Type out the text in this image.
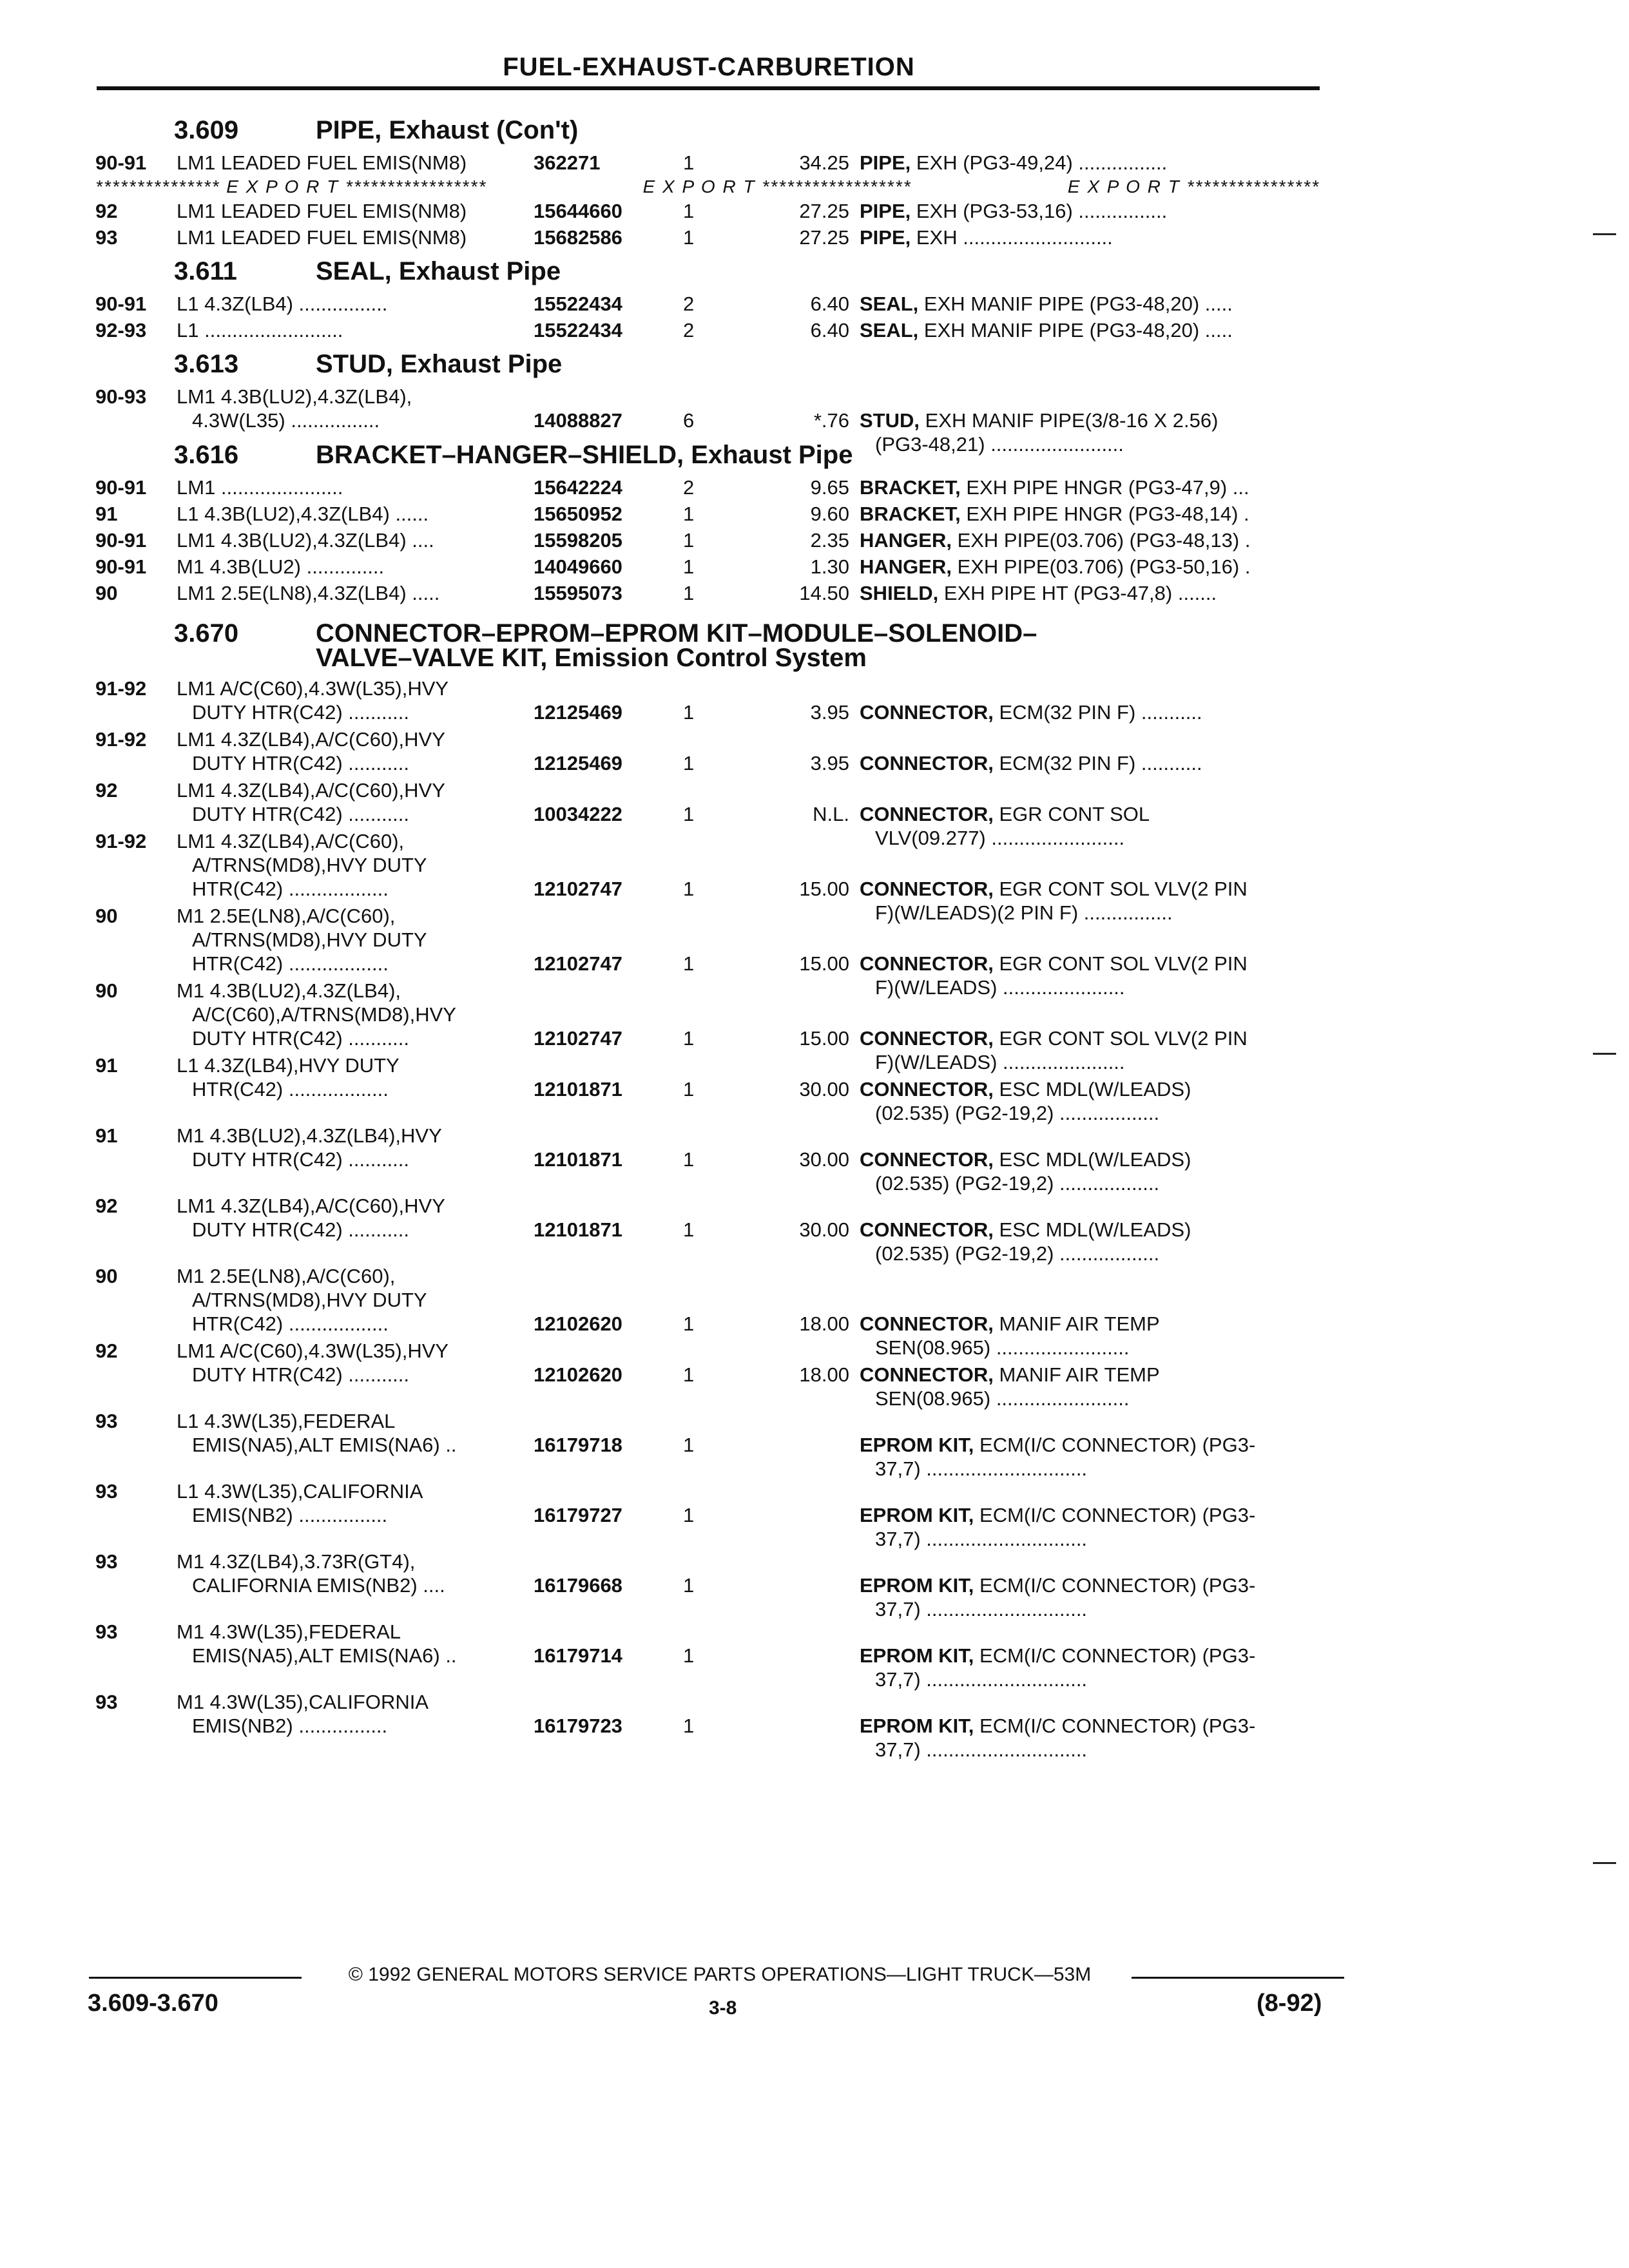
FUEL-EXHAUST-CARBURETION
3.609	PIPE, Exhaust (Con't)
90-91	LM1 LEADED FUEL EMIS(NM8)	362271	1	34.25 PIPE, EXH (PG3-49,24) ................
*************** E X P O R T *****************	E X P O R T ******************	E X P O R T ****************
92	LM1 LEADED FUEL EMIS(NM8)	15644660	1	27.25 PIPE, EXH (PG3-53,16) ................
93	LM1 LEADED FUEL EMIS(NM8)	15682586	1	27.25 PIPE, EXH ...........................
3.611	SEAL, Exhaust Pipe
90-91	L1 4.3Z(LB4) ................	15522434	2	6.40 SEAL, EXH MANIF PIPE (PG3-48,20) .....
92-93	L1 .........................	15522434	2	6.40 SEAL, EXH MANIF PIPE (PG3-48,20) .....
3.613	STUD, Exhaust Pipe
90-93	LM1 4.3B(LU2),4.3Z(LB4),
4.3W(L35) ................	14088827	6	*.76 STUD, EXH MANIF PIPE(3/8-16 X 2.56)
(PG3-48,21) ........................
3.616	BRACKET–HANGER–SHIELD, Exhaust Pipe
90-91	LM1 ......................	15642224	2	9.65 BRACKET, EXH PIPE HNGR (PG3-47,9) ...
91	L1 4.3B(LU2),4.3Z(LB4) ......	15650952	1	9.60 BRACKET, EXH PIPE HNGR (PG3-48,14) .
90-91	LM1 4.3B(LU2),4.3Z(LB4) ....	15598205	1	2.35 HANGER, EXH PIPE(03.706) (PG3-48,13) .
90-91	M1 4.3B(LU2) ..............	14049660	1	1.30 HANGER, EXH PIPE(03.706) (PG3-50,16) .
90	LM1 2.5E(LN8),4.3Z(LB4) .....	15595073	1	14.50 SHIELD, EXH PIPE HT (PG3-47,8) .......
3.670	CONNECTOR–EPROM–EPROM KIT–MODULE–SOLENOID–
VALVE–VALVE KIT, Emission Control System
91-92	LM1 A/C(C60),4.3W(L35),HVY
DUTY HTR(C42) ...........	12125469	1	3.95 CONNECTOR, ECM(32 PIN F) ...........
91-92	LM1 4.3Z(LB4),A/C(C60),HVY
DUTY HTR(C42) ...........	12125469	1	3.95 CONNECTOR, ECM(32 PIN F) ...........
92	LM1 4.3Z(LB4),A/C(C60),HVY
DUTY HTR(C42) ...........	10034222	1	N.L. CONNECTOR, EGR CONT SOL
VLV(09.277) ........................
91-92	LM1 4.3Z(LB4),A/C(C60),
A/TRNS(MD8),HVY DUTY
HTR(C42) ..................	12102747	1	15.00 CONNECTOR, EGR CONT SOL VLV(2 PIN
F)(W/LEADS)(2 PIN F) ................
90	M1 2.5E(LN8),A/C(C60),
A/TRNS(MD8),HVY DUTY
HTR(C42) ..................	12102747	1	15.00 CONNECTOR, EGR CONT SOL VLV(2 PIN
F)(W/LEADS) ......................
90	M1 4.3B(LU2),4.3Z(LB4),
A/C(C60),A/TRNS(MD8),HVY
DUTY HTR(C42) ...........	12102747	1	15.00 CONNECTOR, EGR CONT SOL VLV(2 PIN
F)(W/LEADS) ......................
91	L1 4.3Z(LB4),HVY DUTY
HTR(C42) ..................	12101871	1	30.00 CONNECTOR, ESC MDL(W/LEADS)
(02.535) (PG2-19,2) ..................
91	M1 4.3B(LU2),4.3Z(LB4),HVY
DUTY HTR(C42) ...........	12101871	1	30.00 CONNECTOR, ESC MDL(W/LEADS)
(02.535) (PG2-19,2) ..................
92	LM1 4.3Z(LB4),A/C(C60),HVY
DUTY HTR(C42) ...........	12101871	1	30.00 CONNECTOR, ESC MDL(W/LEADS)
(02.535) (PG2-19,2) ..................
90	M1 2.5E(LN8),A/C(C60),
A/TRNS(MD8),HVY DUTY
HTR(C42) ..................	12102620	1	18.00 CONNECTOR, MANIF AIR TEMP
SEN(08.965) ........................
92	LM1 A/C(C60),4.3W(L35),HVY
DUTY HTR(C42) ...........	12102620	1	18.00 CONNECTOR, MANIF AIR TEMP
SEN(08.965) ........................
93	L1 4.3W(L35),FEDERAL
EMIS(NA5),ALT EMIS(NA6) ..	16179718	1	EPROM KIT, ECM(I/C CONNECTOR) (PG3-
37,7) .............................
93	L1 4.3W(L35),CALIFORNIA
EMIS(NB2) ................	16179727	1	EPROM KIT, ECM(I/C CONNECTOR) (PG3-
37,7) .............................
93	M1 4.3Z(LB4),3.73R(GT4),
CALIFORNIA EMIS(NB2) ....	16179668	1	EPROM KIT, ECM(I/C CONNECTOR) (PG3-
37,7) .............................
93	M1 4.3W(L35),FEDERAL
EMIS(NA5),ALT EMIS(NA6) ..	16179714	1	EPROM KIT, ECM(I/C CONNECTOR) (PG3-
37,7) .............................
93	M1 4.3W(L35),CALIFORNIA
EMIS(NB2) ................	16179723	1	EPROM KIT, ECM(I/C CONNECTOR) (PG3-
37,7) .............................
© 1992 GENERAL MOTORS SERVICE PARTS OPERATIONS—LIGHT TRUCK—53M
3.609-3.670	3-8	(8-92)
